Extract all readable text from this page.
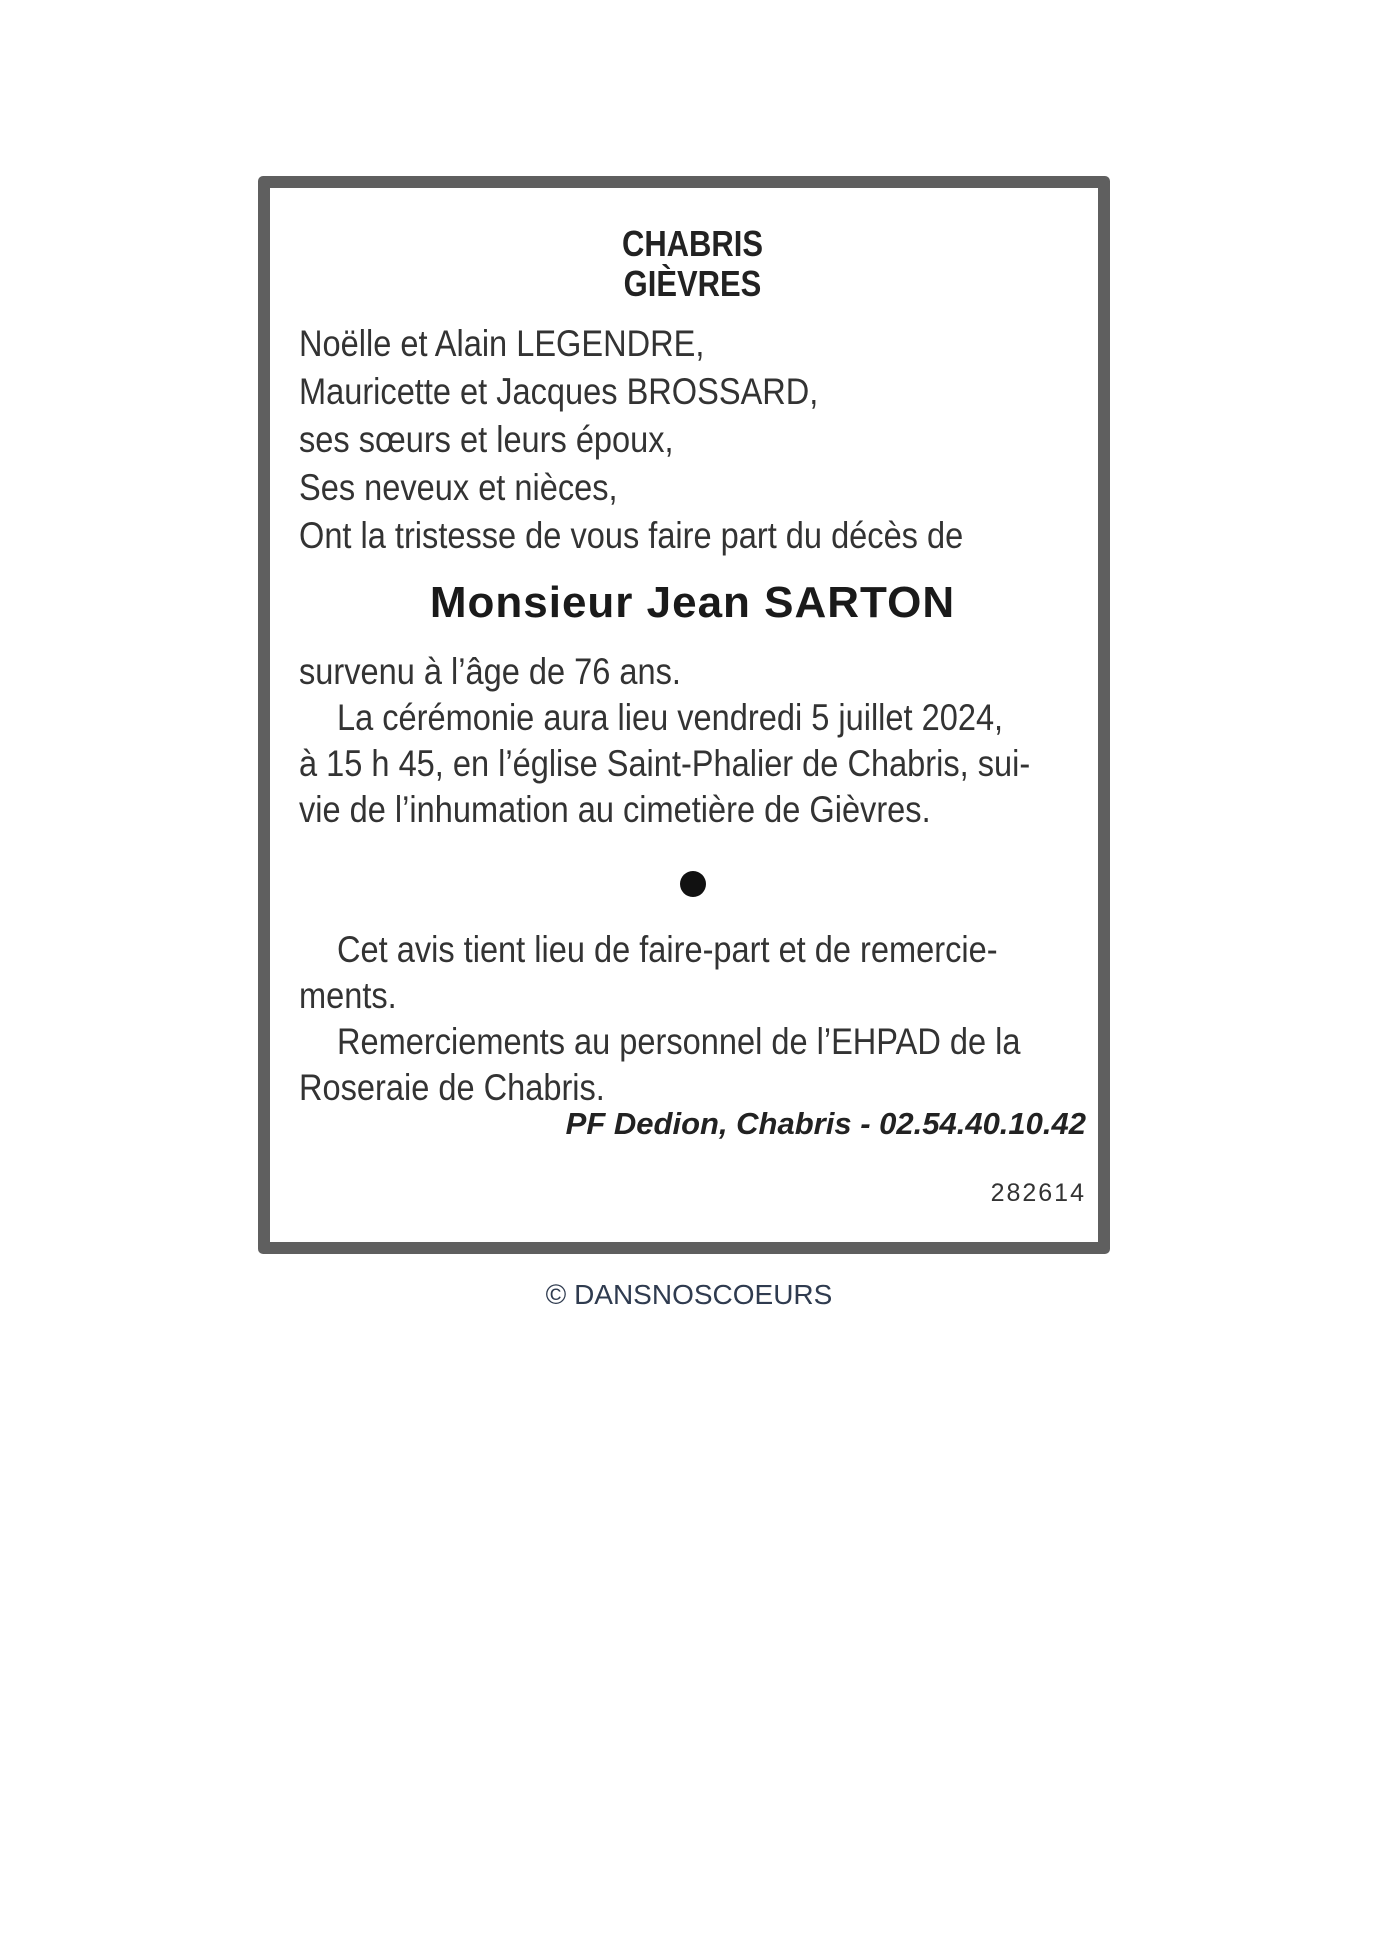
CHABRIS
GIÈVRES
Noëlle et Alain LEGENDRE,
Mauricette et Jacques BROSSARD,
ses sœurs et leurs époux,
Ses neveux et nièces,
Ont la tristesse de vous faire part du décès de
Monsieur Jean SARTON
survenu à l’âge de 76 ans.
La cérémonie aura lieu vendredi 5 juillet 2024,
à 15 h 45, en l’église Saint-Phalier de Chabris, sui-
vie de l’inhumation au cimetière de Gièvres.
Cet avis tient lieu de faire-part et de remercie-
ments.
Remerciements au personnel de l’EHPAD de la
Roseraie de Chabris.
PF Dedion, Chabris - 02.54.40.10.42
282614
© DANSNOSCOEURS
